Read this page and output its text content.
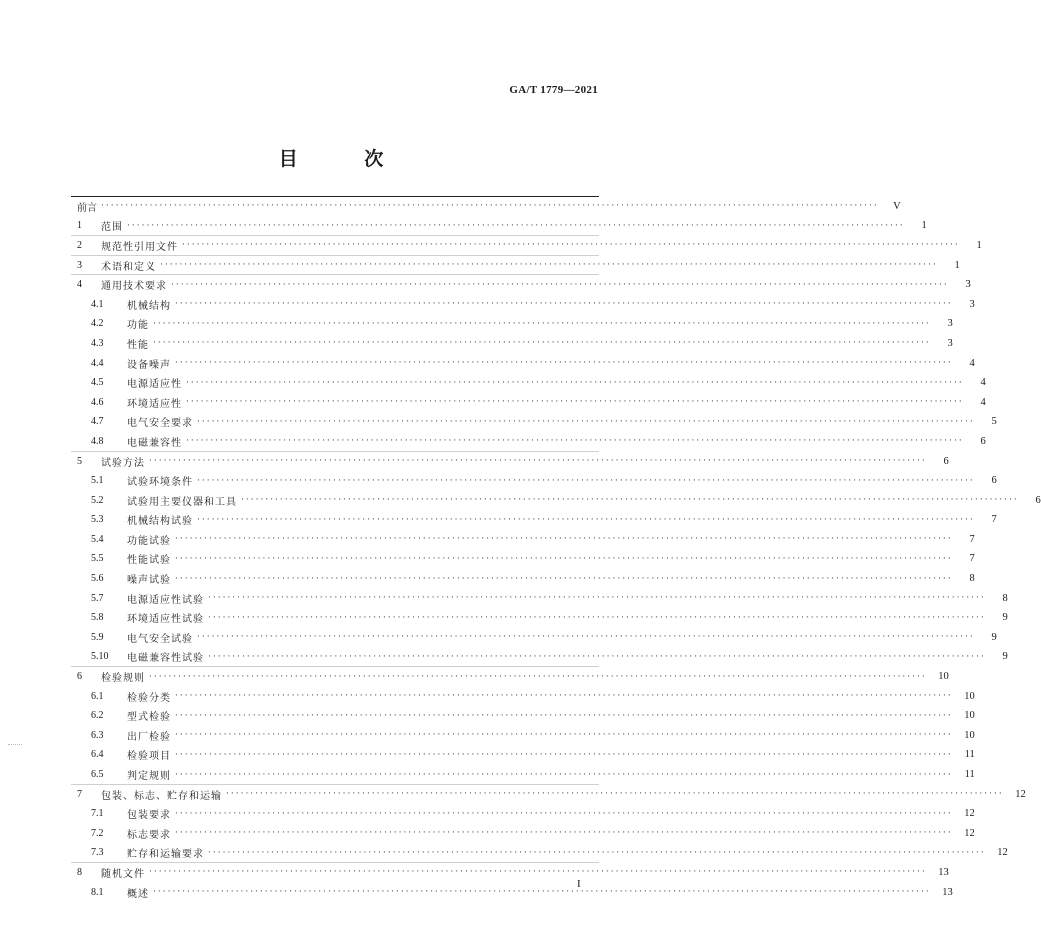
GA/T 1779—2021
目 次
前言 ································································································································································	V
1	范围 ································································································································································	1
2	规范性引用文件 ································································································································································	1
3	术语和定义 ································································································································································	1
4	通用技术要求 ································································································································································	3
4.1	机械结构 ································································································································································	3
4.2	功能 ································································································································································	3
4.3	性能 ································································································································································	3
4.4	设备噪声 ································································································································································	4
4.5	电源适应性 ································································································································································	4
4.6	环境适应性 ································································································································································	4
4.7	电气安全要求 ································································································································································	5
4.8	电磁兼容性 ································································································································································	6
5	试验方法 ································································································································································	6
5.1	试验环境条件 ································································································································································	6
5.2	试验用主要仪器和工具 ································································································································································	6
5.3	机械结构试验 ································································································································································	7
5.4	功能试验 ································································································································································	7
5.5	性能试验 ································································································································································	7
5.6	噪声试验 ································································································································································	8
5.7	电源适应性试验 ································································································································································	8
5.8	环境适应性试验 ································································································································································	9
5.9	电气安全试验 ································································································································································	9
5.10	电磁兼容性试验 ································································································································································	9
6	检验规则 ································································································································································	10
6.1	检验分类 ································································································································································	10
6.2	型式检验 ································································································································································	10
6.3	出厂检验 ································································································································································	10
6.4	检验项目 ································································································································································	11
6.5	判定规则 ································································································································································	11
7	包装、标志、贮存和运输 ································································································································································	12
7.1	包装要求 ································································································································································	12
7.2	标志要求 ································································································································································	12
7.3	贮存和运输要求 ································································································································································	12
8	随机文件 ································································································································································	13
8.1	概述 ································································································································································	13
I
